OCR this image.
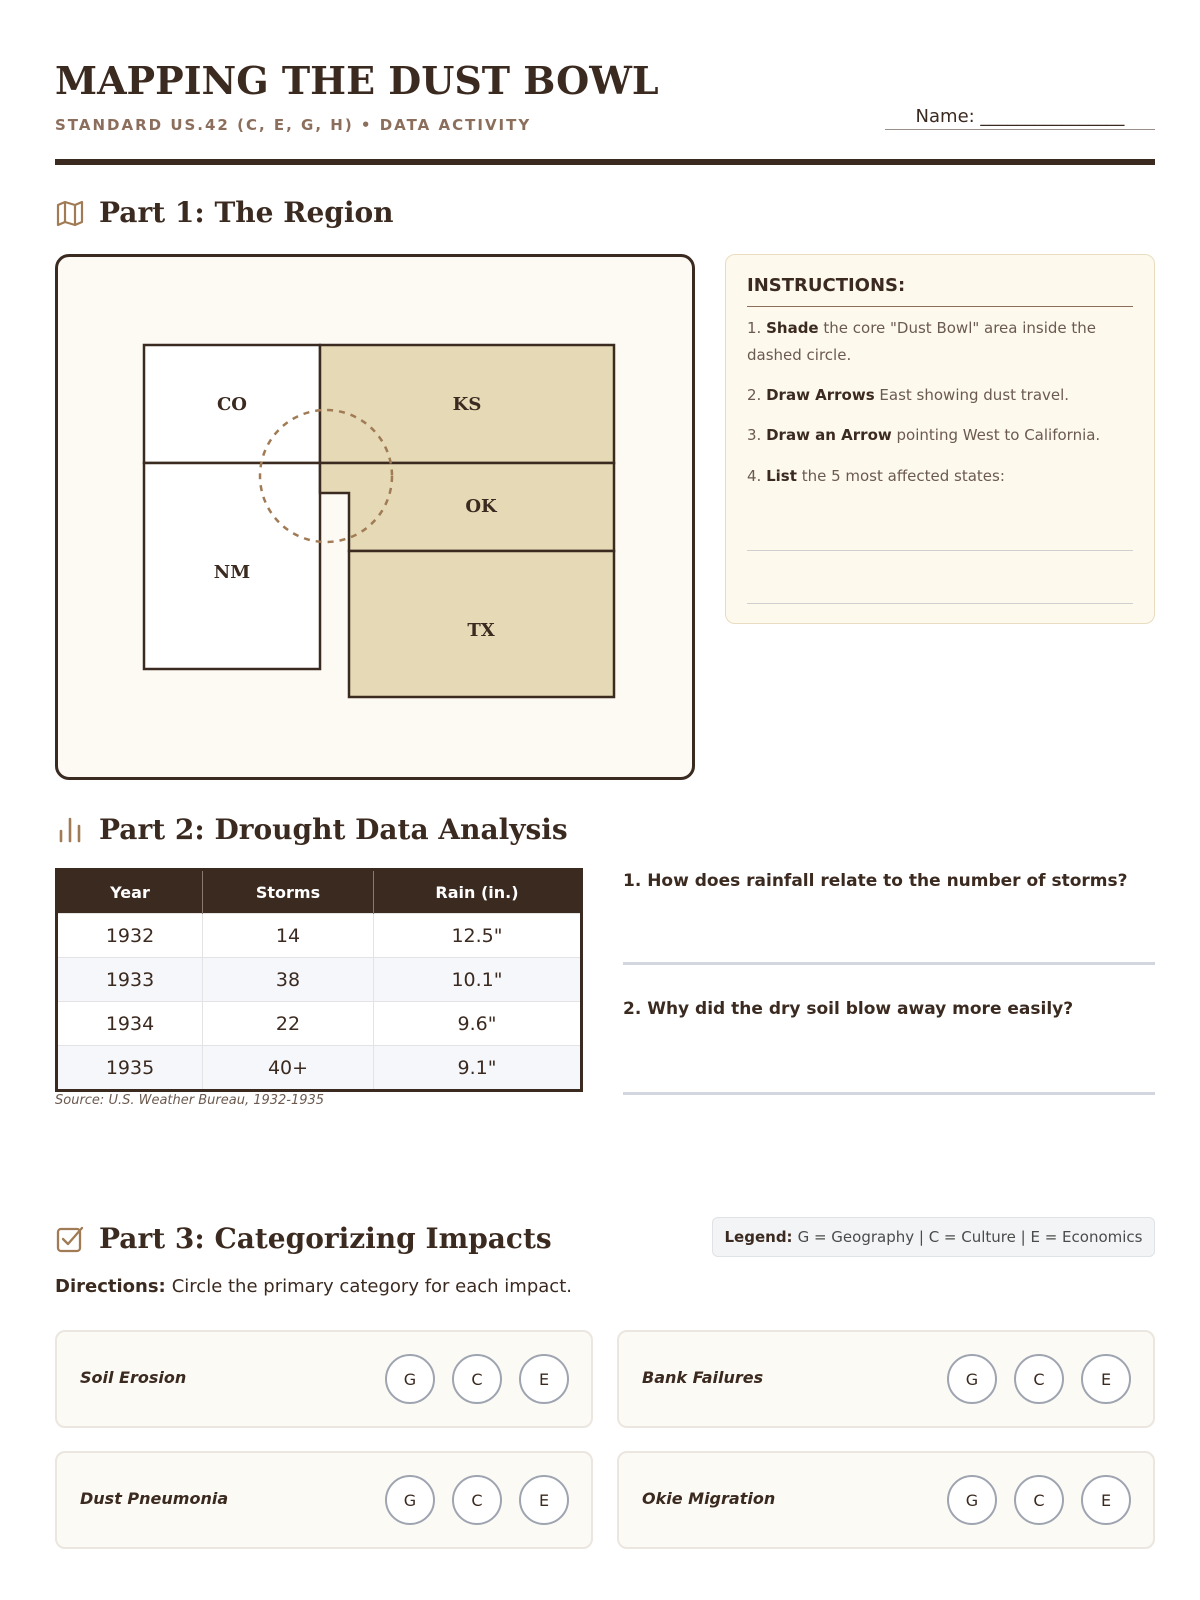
MAPPING THE DUST BOWL
STANDARD US.42 (C, E, G, H) • DATA ACTIVITY	Name: ________________
Part 1: The Region
CO	KS
OK
NM
TX
INSTRUCTIONS:
1. Shade the core "Dust Bowl" area inside the dashed circle.
2. Draw Arrows East showing dust travel.
3. Draw an Arrow pointing West to California.
4. List the 5 most affected states:
Part 2: Drought Data Analysis
Year	Storms	Rain (in.)
1932	14	12.5"
1933	38	10.1"
1934	22	9.6"
1935	40+	9.1"
Source: U.S. Weather Bureau, 1932-1935
1. How does rainfall relate to the number of storms?
2. Why did the dry soil blow away more easily?
Part 3: Categorizing Impacts	Legend: G = Geography | C = Culture | E = Economics
Directions: Circle the primary category for each impact.
Soil Erosion	G	C	E	Bank Failures	G	C	E
Dust Pneumonia	G	C	E	Okie Migration	G	C	E
